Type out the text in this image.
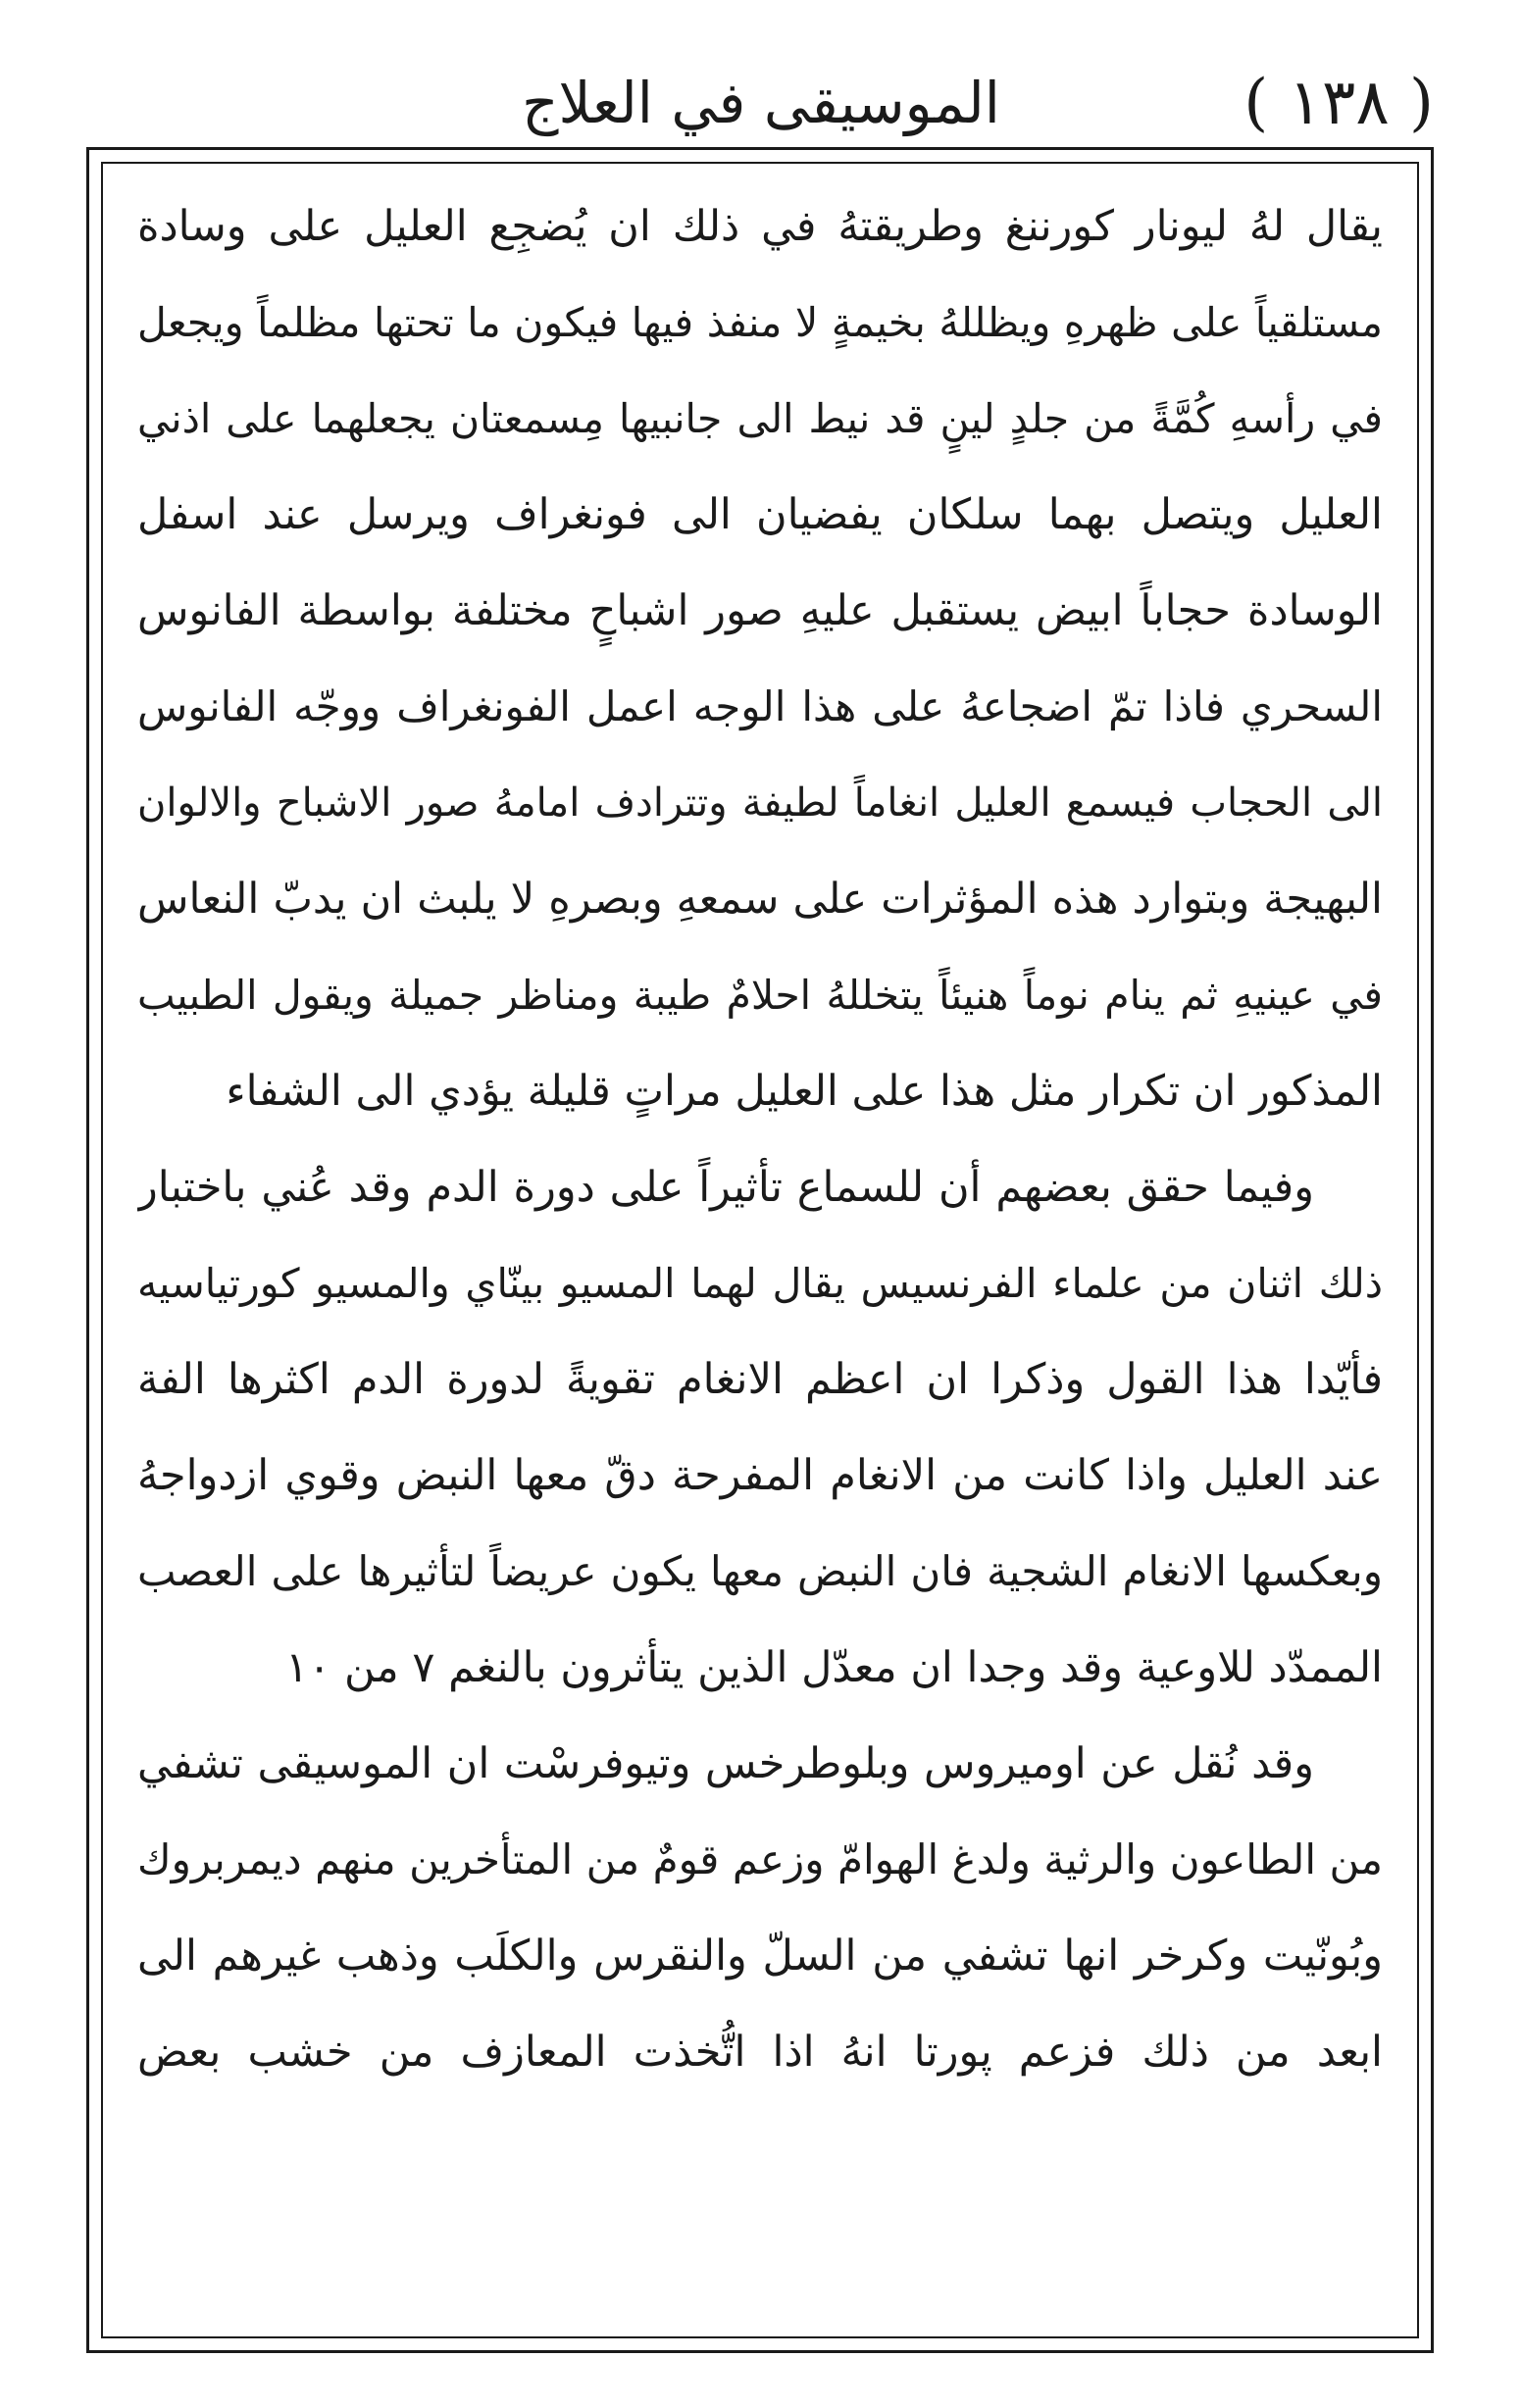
( ١٣٨ )
الموسيقى في العلاج
يقال لهُ ليونار كورننغ وطريقتهُ في ذلك ان يُضجِع العليل على وسادة
مستلقياً على ظهرهِ ويظللهُ بخيمةٍ لا منفذ فيها فيكون ما تحتها مظلماً ويجعل
في رأسهِ كُمَّةً من جلدٍ لينٍ قد نيط الى جانبيها مِسمعتان يجعلهما على اذني
العليل ويتصل بهما سلكان يفضيان الى فونغراف ويرسل عند اسفل
الوسادة حجاباً ابيض يستقبل عليهِ صور اشباحٍ مختلفة بواسطة الفانوس
السحري فاذا تمّ اضجاعهُ على هذا الوجه اعمل الفونغراف ووجّه الفانوس
الى الحجاب فيسمع العليل انغاماً لطيفة وتترادف امامهُ صور الاشباح والالوان
البهيجة وبتوارد هذه المؤثرات على سمعهِ وبصرهِ لا يلبث ان يدبّ النعاس
في عينيهِ ثم ينام نوماً هنيئاً يتخللهُ احلامٌ طيبة ومناظر جميلة ويقول الطبيب
المذكور ان تكرار مثل هذا على العليل مراتٍ قليلة يؤدي الى الشفاء
وفيما حقق بعضهم أن للسماع تأثيراً على دورة الدم وقد عُني باختبار
ذلك اثنان من علماء الفرنسيس يقال لهما المسيو بينّاي والمسيو كورتياسيه
فأيّدا هذا القول وذكرا ان اعظم الانغام تقويةً لدورة الدم اكثرها الفة
عند العليل واذا كانت من الانغام المفرحة دقّ معها النبض وقوي ازدواجهُ
وبعكسها الانغام الشجية فان النبض معها يكون عريضاً لتأثيرها على العصب
الممدّد للاوعية وقد وجدا ان معدّل الذين يتأثرون بالنغم ٧ من ١٠
وقد نُقل عن اوميروس وبلوطرخس وتيوفرسْت ان الموسيقى تشفي
من الطاعون والرثية ولدغ الهوامّ وزعم قومٌ من المتأخرين منهم ديمربروك
وبُونّيت وكرخر انها تشفي من السلّ والنقرس والكلَب وذهب غيرهم الى
ابعد من ذلك فزعم پورتا انهُ اذا اتُّخذت المعازف من خشب بعض
